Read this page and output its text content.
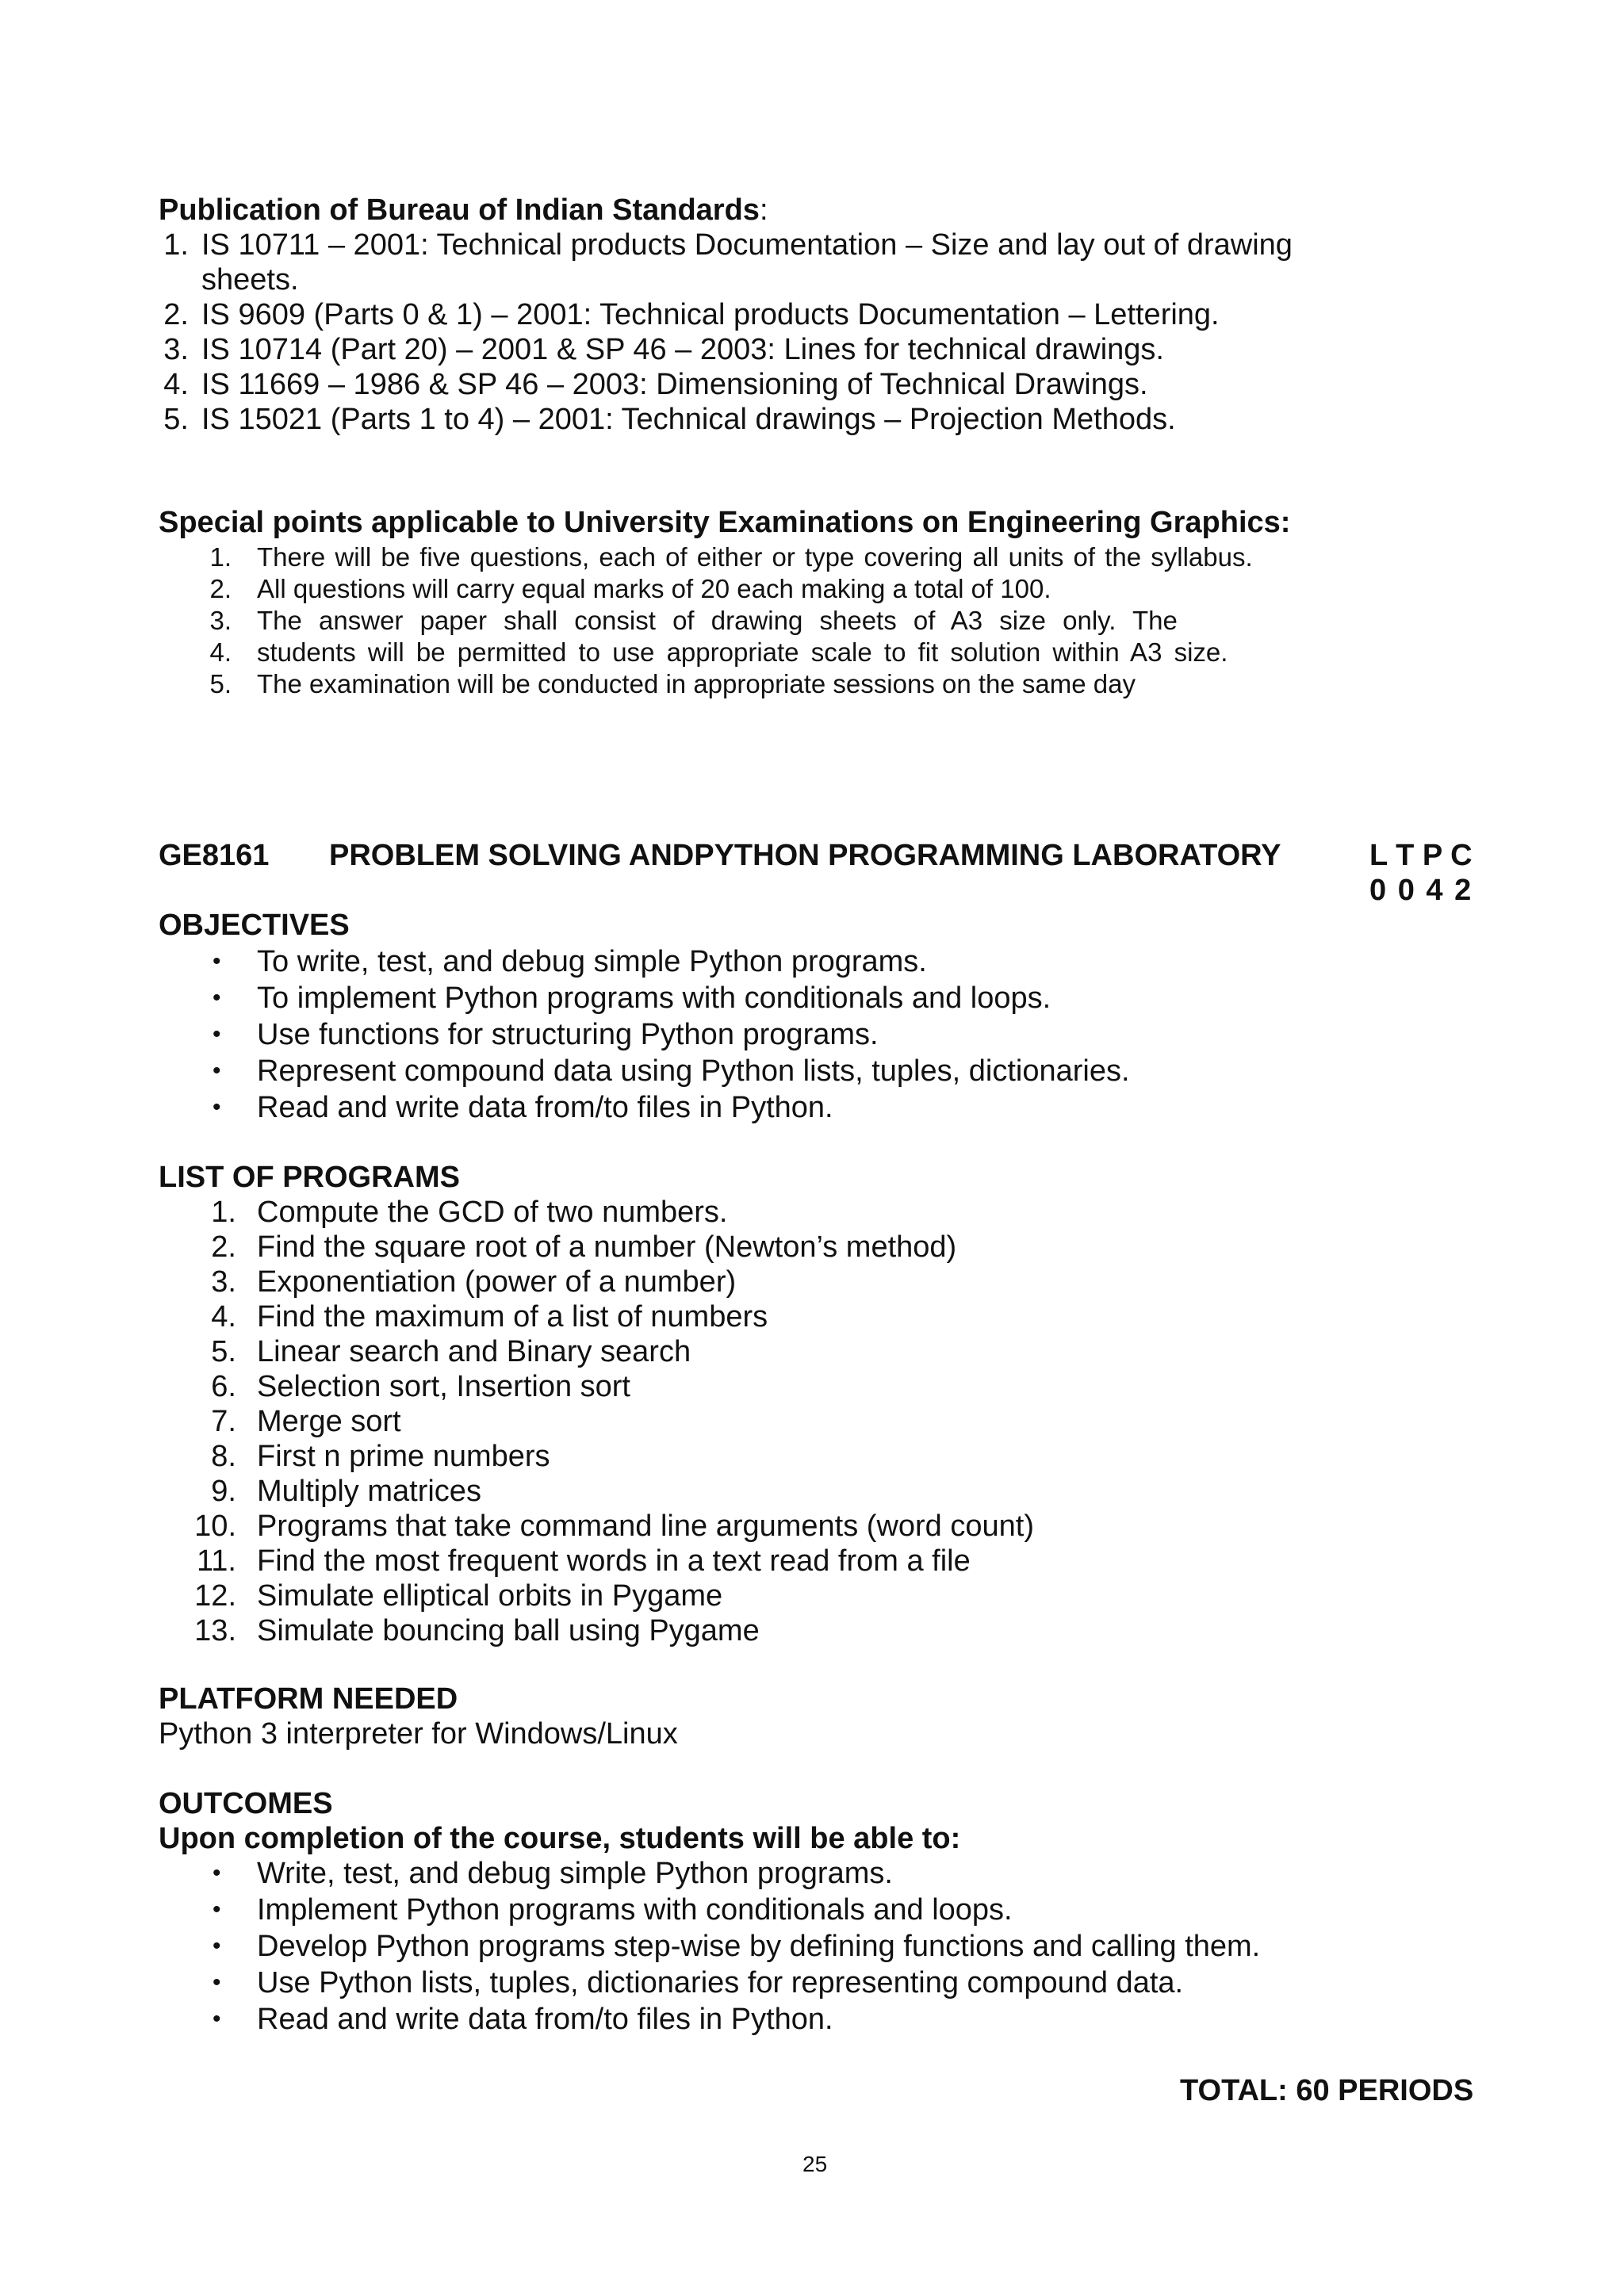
Publication of Bureau of Indian Standards:
1. IS 10711 – 2001: Technical products Documentation – Size and lay out of drawing
sheets.
2. IS 9609 (Parts 0 & 1) – 2001: Technical products Documentation – Lettering.
3. IS 10714 (Part 20) – 2001 & SP 46 – 2003: Lines for technical drawings.
4. IS 11669 – 1986 & SP 46 – 2003: Dimensioning of Technical Drawings.
5. IS 15021 (Parts 1 to 4) – 2001: Technical drawings – Projection Methods.
Special points applicable to University Examinations on Engineering Graphics:
1. There will be five questions, each of either or type covering all units of the syllabus.
2. All questions will carry equal marks of 20 each making a total of 100.
3. The answer paper shall consist of drawing sheets of A3 size only. The
4. students will be permitted to use appropriate scale to fit solution within A3 size.
5. The examination will be conducted in appropriate sessions on the same day
GE8161 PROBLEM SOLVING ANDPYTHON PROGRAMMING LABORATORY	L T P C
0 0 4 2
OBJECTIVES
• To write, test, and debug simple Python programs.
• To implement Python programs with conditionals and loops.
• Use functions for structuring Python programs.
• Represent compound data using Python lists, tuples, dictionaries.
• Read and write data from/to files in Python.
LIST OF PROGRAMS
1. Compute the GCD of two numbers.
2. Find the square root of a number (Newton’s method)
3. Exponentiation (power of a number)
4. Find the maximum of a list of numbers
5. Linear search and Binary search
6. Selection sort, Insertion sort
7. Merge sort
8. First n prime numbers
9. Multiply matrices
10. Programs that take command line arguments (word count)
11. Find the most frequent words in a text read from a file
12. Simulate elliptical orbits in Pygame
13. Simulate bouncing ball using Pygame
PLATFORM NEEDED
Python 3 interpreter for Windows/Linux
OUTCOMES
Upon completion of the course, students will be able to:
• Write, test, and debug simple Python programs.
• Implement Python programs with conditionals and loops.
• Develop Python programs step-wise by defining functions and calling them.
• Use Python lists, tuples, dictionaries for representing compound data.
• Read and write data from/to files in Python.
TOTAL: 60 PERIODS
25
